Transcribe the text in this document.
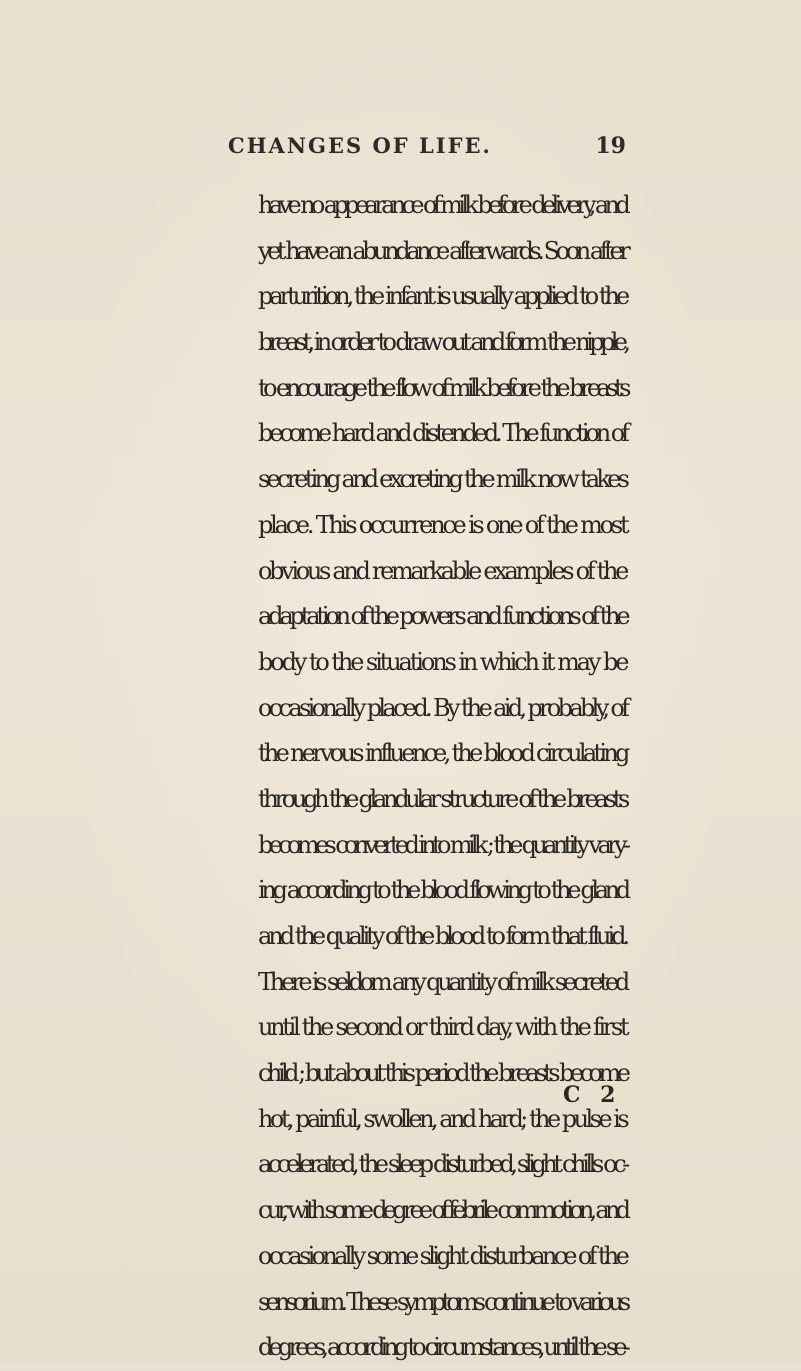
CHANGES OF LIFE.	19
have no appearance of milk before delivery, and
yet have an abundance afterwards. Soon after
parturition, the infant is usually applied to the
breast, in order to draw out and form the nipple,
to encourage the flow of milk before the breasts
become hard and distended. The function of
secreting and excreting the milk now takes
place. This occurrence is one of the most
obvious and remarkable examples of the
adaptation of the powers and functions of the
body to the situations in which it may be
occasionally placed. By the aid, probably, of
the nervous influence, the blood circulating
through the glandular structure of the breasts
becomes converted into milk ; the quantity vary-
ing according to the blood flowing to the gland
and the quality of the blood to form that fluid.
There is seldom any quantity of milk secreted
until the second or third day, with the first
child ; but about this period the breasts become
hot, painful, swollen, and hard; the pulse is
accelerated, the sleep disturbed, slight chills oc-
cur, with some degree of febrile commotion, and
occasionally some slight disturbance of the
sensorium. These symptoms continue to various
degrees, according to circumstances, until the se-
C 2
